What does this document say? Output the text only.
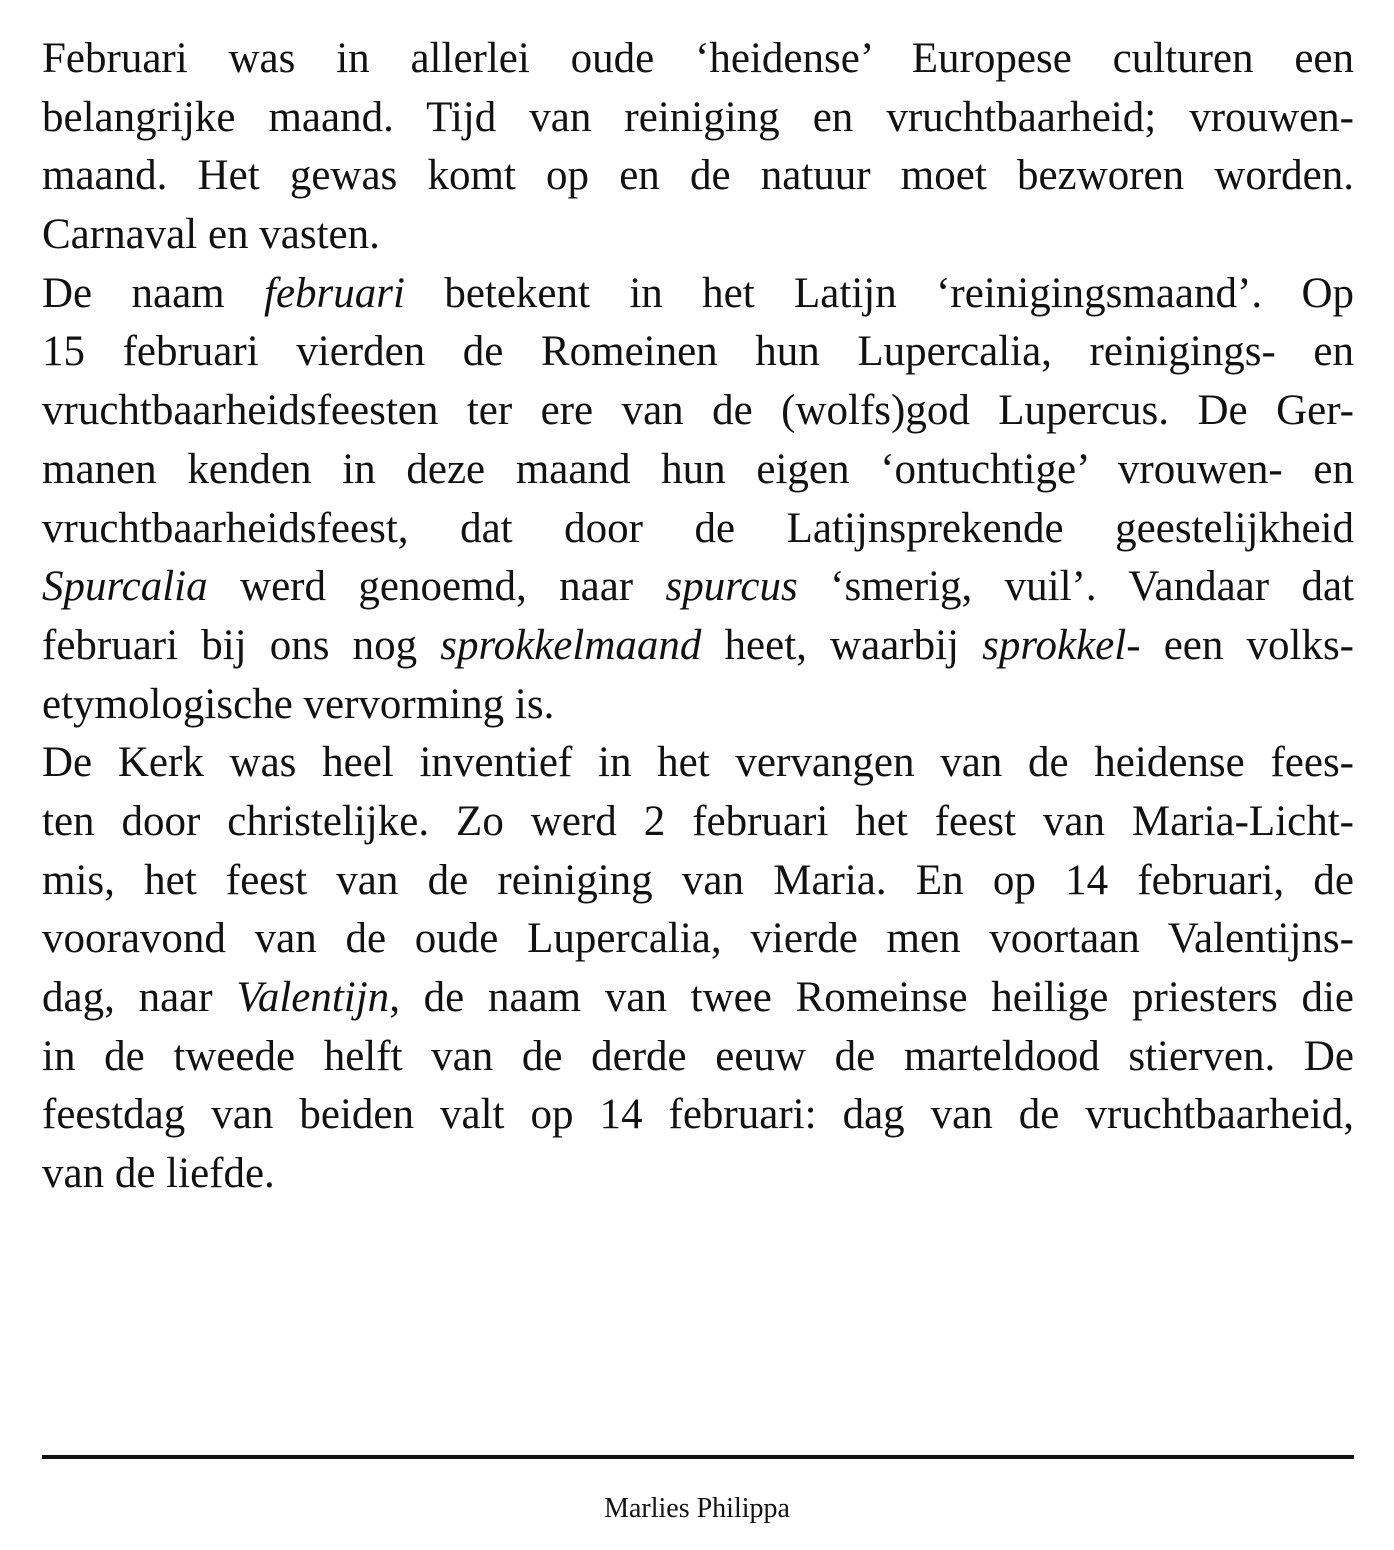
Februari was in allerlei oude ‘heidense’ Europese culturen een
belangrijke maand. Tijd van reiniging en vruchtbaarheid; vrouwen-
maand. Het gewas komt op en de natuur moet bezworen worden.
Carnaval en vasten.
De naam februari betekent in het Latijn ‘reinigingsmaand’. Op
15 februari vierden de Romeinen hun Lupercalia, reinigings- en
vruchtbaarheidsfeesten ter ere van de (wolfs)god Lupercus. De Ger-
manen kenden in deze maand hun eigen ‘ontuchtige’ vrouwen- en
vruchtbaarheidsfeest, dat door de Latijnsprekende geestelijkheid
Spurcalia werd genoemd, naar spurcus ‘smerig, vuil’. Vandaar dat
februari bij ons nog sprokkelmaand heet, waarbij sprokkel- een volks-
etymologische vervorming is.
De Kerk was heel inventief in het vervangen van de heidense fees-
ten door christelijke. Zo werd 2 februari het feest van Maria-Licht-
mis, het feest van de reiniging van Maria. En op 14 februari, de
vooravond van de oude Lupercalia, vierde men voortaan Valentijns-
dag, naar Valentijn, de naam van twee Romeinse heilige priesters die
in de tweede helft van de derde eeuw de marteldood stierven. De
feestdag van beiden valt op 14 februari: dag van de vruchtbaarheid,
van de liefde.
Marlies Philippa
